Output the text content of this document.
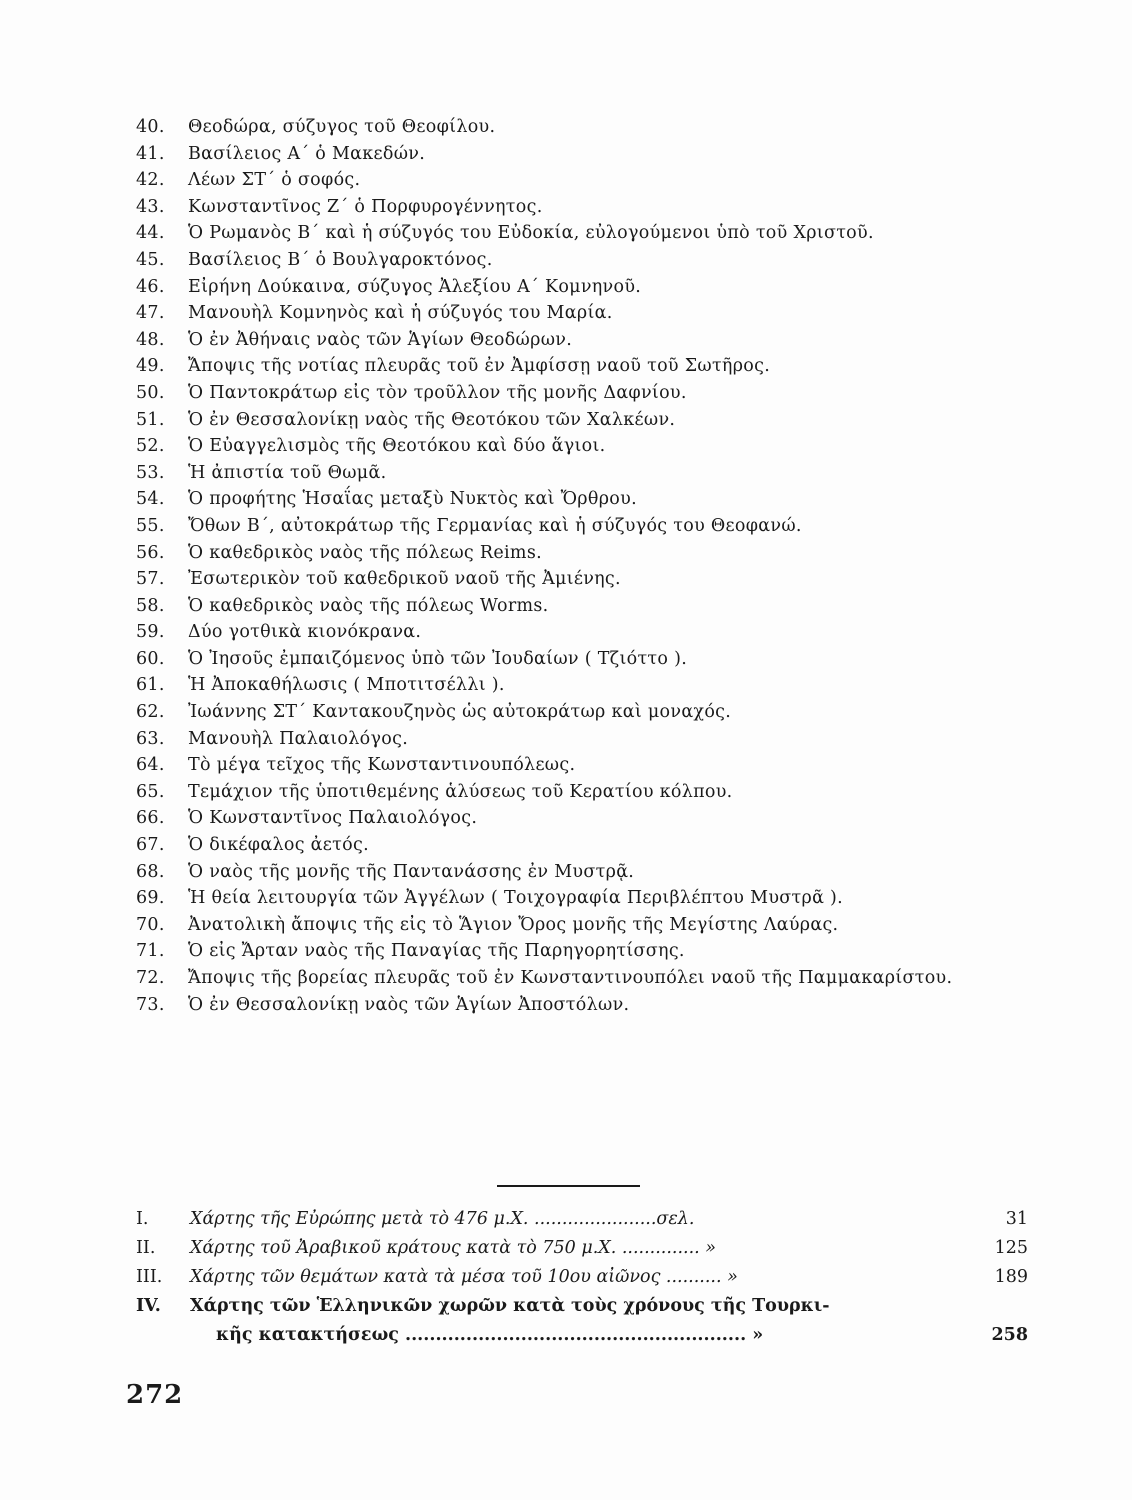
40.	Θεοδώρα, σύζυγος τοῦ Θεοφίλου.
41.	Βασίλειος Α΄ ὁ Μακεδών.
42.	Λέων ΣΤ΄ ὁ σοφός.
43.	Κωνσταντῖνος Ζ΄ ὁ Πορφυρογέννητος.
44.	Ὁ Ρωμανὸς Β΄ καὶ ἡ σύζυγός του Εὐδοκία, εὐλογούμενοι ὑπὸ τοῦ Χριστοῦ.
45.	Βασίλειος Β΄ ὁ Βουλγαροκτόνος.
46.	Εἰρήνη Δούκαινα, σύζυγος Ἀλεξίου Α΄ Κομνηνοῦ.
47.	Μανουὴλ Κομνηνὸς καὶ ἡ σύζυγός του Μαρία.
48.	Ὁ ἐν Ἀθήναις ναὸς τῶν Ἁγίων Θεοδώρων.
49.	Ἄποψις τῆς νοτίας πλευρᾶς τοῦ ἐν Ἀμφίσσῃ ναοῦ τοῦ Σωτῆρος.
50.	Ὁ Παντοκράτωρ εἰς τὸν τροῦλλον τῆς μονῆς Δαφνίου.
51.	Ὁ ἐν Θεσσαλονίκῃ ναὸς τῆς Θεοτόκου τῶν Χαλκέων.
52.	Ὁ Εὐαγγελισμὸς τῆς Θεοτόκου καὶ δύο ἅγιοι.
53.	Ἡ ἀπιστία τοῦ Θωμᾶ.
54.	Ὁ προφήτης Ἡσαΐας μεταξὺ Νυκτὸς καὶ Ὄρθρου.
55.	Ὄθων Β΄, αὐτοκράτωρ τῆς Γερμανίας καὶ ἡ σύζυγός του Θεοφανώ.
56.	Ὁ καθεδρικὸς ναὸς τῆς πόλεως Reims.
57.	Ἐσωτερικὸν τοῦ καθεδρικοῦ ναοῦ τῆς Ἀμιένης.
58.	Ὁ καθεδρικὸς ναὸς τῆς πόλεως Worms.
59.	Δύο γοτθικὰ κιονόκρανα.
60.	Ὁ Ἰησοῦς ἐμπαιζόμενος ὑπὸ τῶν Ἰουδαίων ( Τζιόττο ).
61.	Ἡ Ἀποκαθήλωσις ( Μποτιτσέλλι ).
62.	Ἰωάννης ΣΤ΄ Καντακουζηνὸς ὡς αὐτοκράτωρ καὶ μοναχός.
63.	Μανουὴλ Παλαιολόγος.
64.	Τὸ μέγα τεῖχος τῆς Κωνσταντινουπόλεως.
65.	Τεμάχιον τῆς ὑποτιθεμένης ἁλύσεως τοῦ Κερατίου κόλπου.
66.	Ὁ Κωνσταντῖνος Παλαιολόγος.
67.	Ὁ δικέφαλος ἀετός.
68.	Ὁ ναὸς τῆς μονῆς τῆς Παντανάσσης ἐν Μυστρᾷ.
69.	Ἡ θεία λειτουργία τῶν Ἀγγέλων ( Τοιχογραφία Περιβλέπτου Μυστρᾶ ).
70.	Ἀνατολικὴ ἄποψις τῆς εἰς τὸ Ἅγιον Ὄρος μονῆς τῆς Μεγίστης Λαύρας.
71.	Ὁ εἰς Ἄρταν ναὸς τῆς Παναγίας τῆς Παρηγορητίσσης.
72.	Ἄποψις τῆς βορείας πλευρᾶς τοῦ ἐν Κωνσταντινουπόλει ναοῦ τῆς Παμμακαρίστου.
73.	Ὁ ἐν Θεσσαλονίκῃ ναὸς τῶν Ἁγίων Ἀποστόλων.
I.	Χάρτης τῆς Εὐρώπης μετὰ τὸ 476 μ.Χ. ......................σελ.	31
II.	Χάρτης τοῦ Ἀραβικοῦ κράτους κατὰ τὸ 750 μ.Χ. .............. »	125
III.	Χάρτης τῶν θεμάτων κατὰ τὰ μέσα τοῦ 10ου αἰῶνος .......... »	189
IV.	Χάρτης τῶν Ἑλληνικῶν χωρῶν κατὰ τοὺς χρόνους τῆς Τουρκι-
κῆς κατακτήσεως ........................................................ »	258
272
